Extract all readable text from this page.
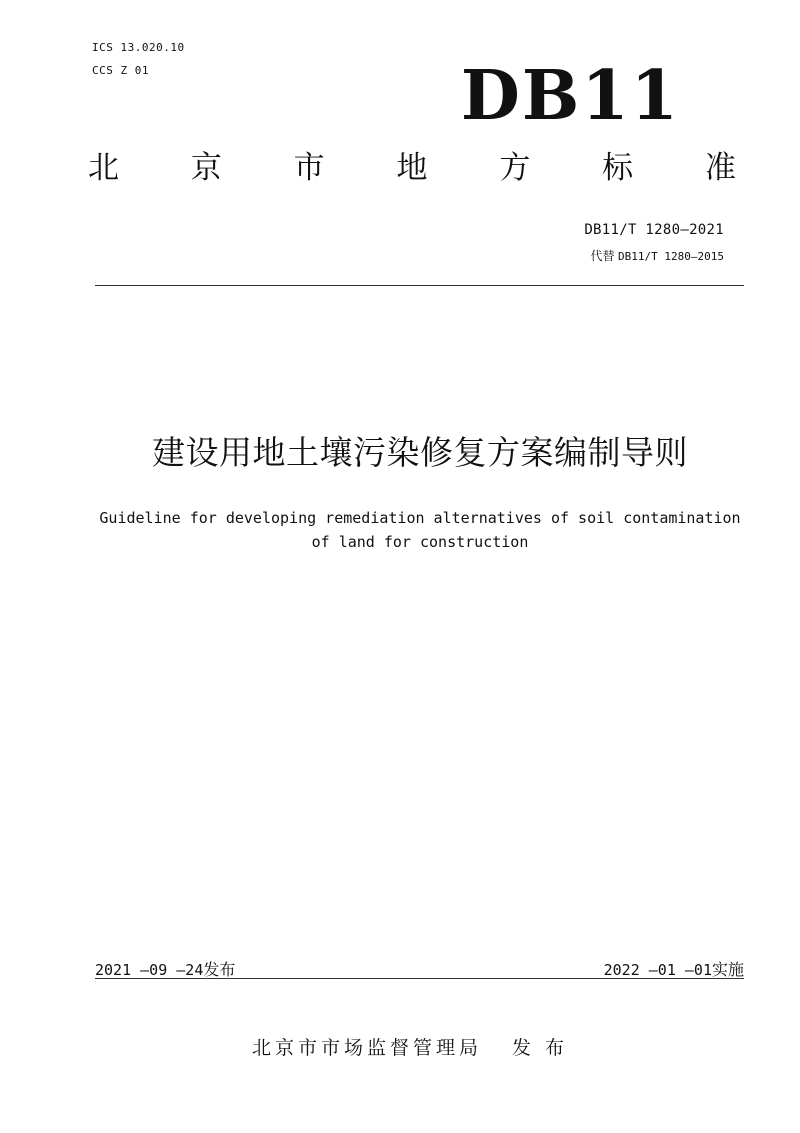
ICS 13.020.10
CCS Z 01	DB11
北 京 市 地 方 标 准
DB11/T 1280—2021
代替 DB11/T 1280—2015
建设用地土壤污染修复方案编制导则
Guideline for developing remediation alternatives of soil contamination
of land for construction
2021 —09 —24发布	2022 —01 —01实施
北京市市场监督管理局 发 布
